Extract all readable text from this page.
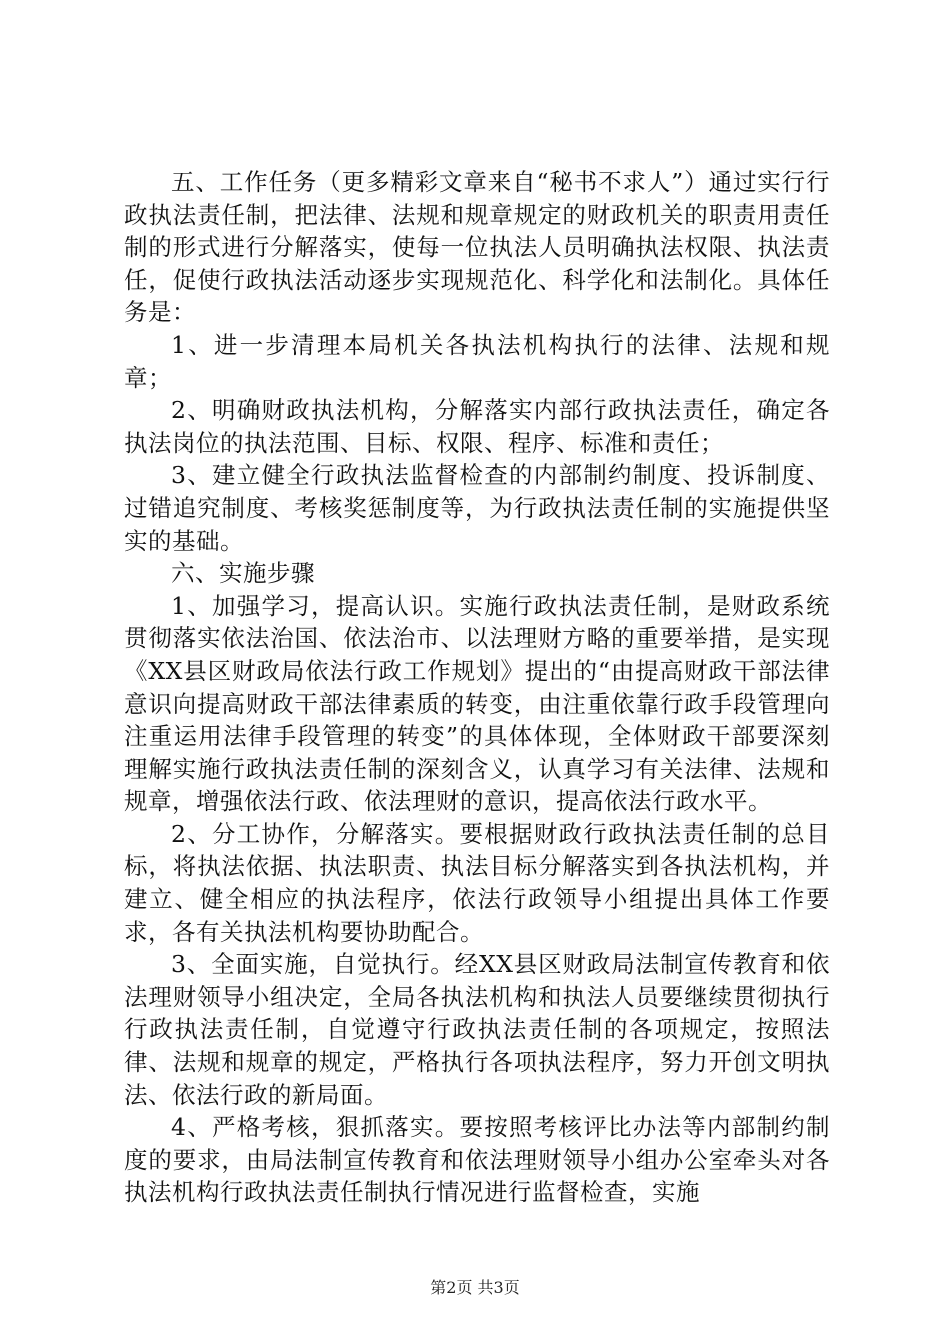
五、工作任务（更多精彩文章来自“秘书不求人”）通过实行行政执法责任制，把法律、法规和规章规定的财政机关的职责用责任制的形式进行分解落实，使每一位执法人员明确执法权限、执法责任，促使行政执法活动逐步实现规范化、科学化和法制化。具体任务是：

1、进一步清理本局机关各执法机构执行的法律、法规和规章；

2、明确财政执法机构，分解落实内部行政执法责任，确定各执法岗位的执法范围、目标、权限、程序、标准和责任；

3、建立健全行政执法监督检查的内部制约制度、投诉制度、过错追究制度、考核奖惩制度等，为行政执法责任制的实施提供坚实的基础。

六、实施步骤

1、加强学习，提高认识。实施行政执法责任制，是财政系统贯彻落实依法治国、依法治市、以法理财方略的重要举措，是实现《XX县区财政局依法行政工作规划》提出的“由提高财政干部法律意识向提高财政干部法律素质的转变，由注重依靠行政手段管理向注重运用法律手段管理的转变”的具体体现，全体财政干部要深刻理解实施行政执法责任制的深刻含义，认真学习有关法律、法规和规章，增强依法行政、依法理财的意识，提高依法行政水平。

2、分工协作，分解落实。要根据财政行政执法责任制的总目标，将执法依据、执法职责、执法目标分解落实到各执法机构，并建立、健全相应的执法程序，依法行政领导小组提出具体工作要求，各有关执法机构要协助配合。

3、全面实施，自觉执行。经XX县区财政局法制宣传教育和依法理财领导小组决定，全局各执法机构和执法人员要继续贯彻执行行政执法责任制，自觉遵守行政执法责任制的各项规定，按照法律、法规和规章的规定，严格执行各项执法程序，努力开创文明执法、依法行政的新局面。

4、严格考核，狠抓落实。要按照考核评比办法等内部制约制度的要求，由局法制宣传教育和依法理财领导小组办公室牵头对各执法机构行政执法责任制执行情况进行监督检查，实施

第2页 共3页
